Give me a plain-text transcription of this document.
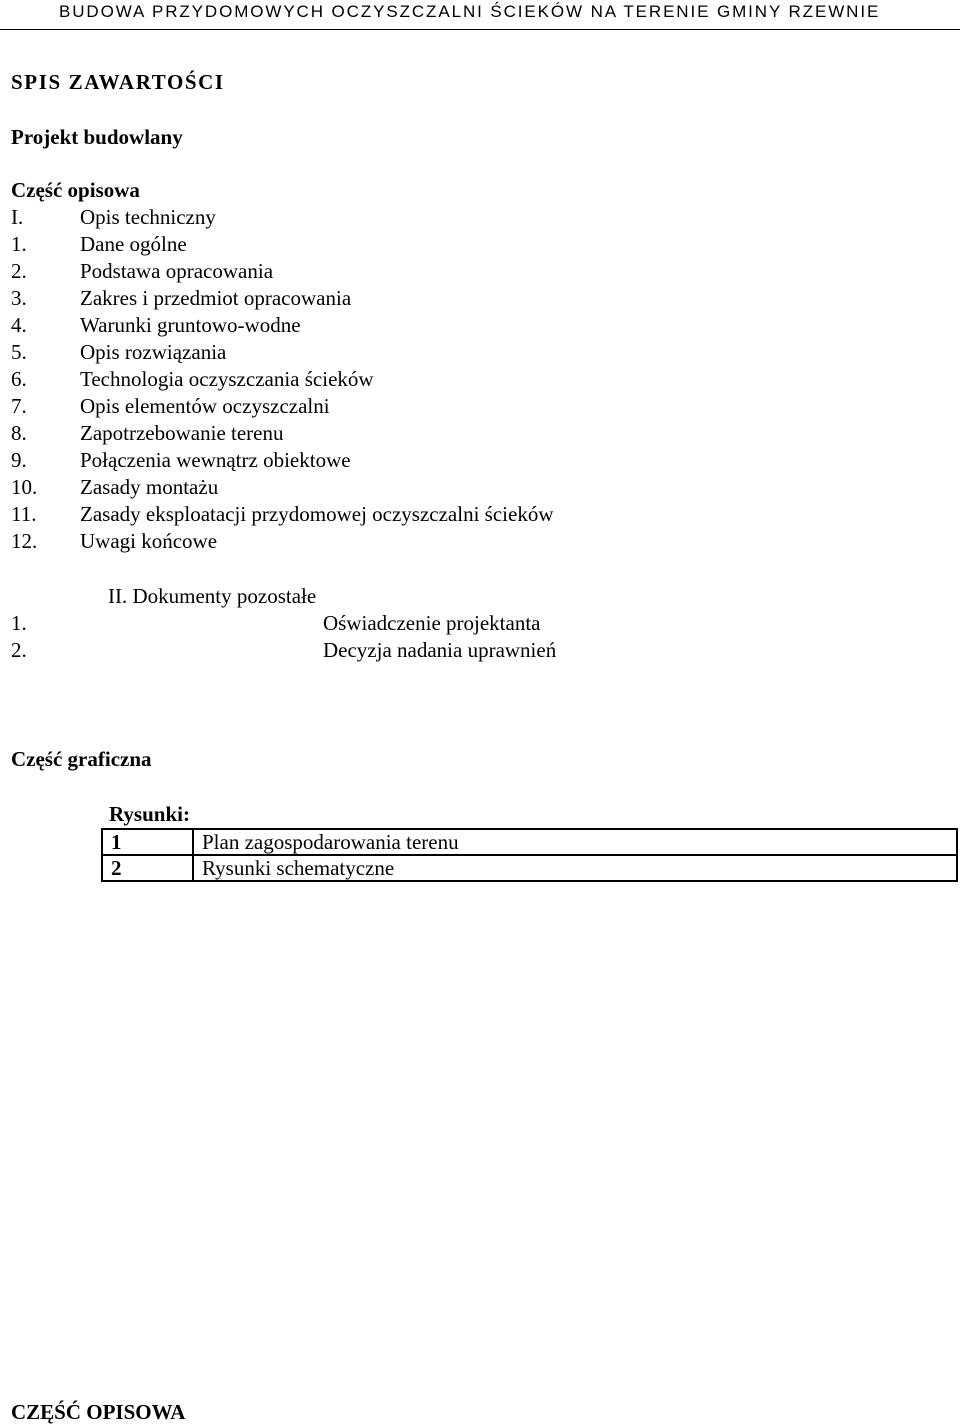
BUDOWA PRZYDOMOWYCH OCZYSZCZALNI ŚCIEKÓW NA TERENIE GMINY RZEWNIE
SPIS ZAWARTOŚCI
Projekt budowlany
Część opisowa
I.	Opis techniczny
1.	Dane ogólne
2.	Podstawa opracowania
3.	Zakres i przedmiot opracowania
4.	Warunki gruntowo-wodne
5.	Opis rozwiązania
6.	Technologia oczyszczania ścieków
7.	Opis elementów oczyszczalni
8.	Zapotrzebowanie terenu
9.	Połączenia wewnątrz obiektowe
10. Zasady montażu
11. Zasady eksploatacji przydomowej oczyszczalni ścieków
12. Uwagi końcowe
II. Dokumenty pozostałe
1.	Oświadczenie projektanta
2.	Decyzja nadania uprawnień
Część graficzna
Rysunki:
1	Plan zagospodarowania terenu
2	Rysunki schematyczne
CZĘŚĆ OPISOWA
